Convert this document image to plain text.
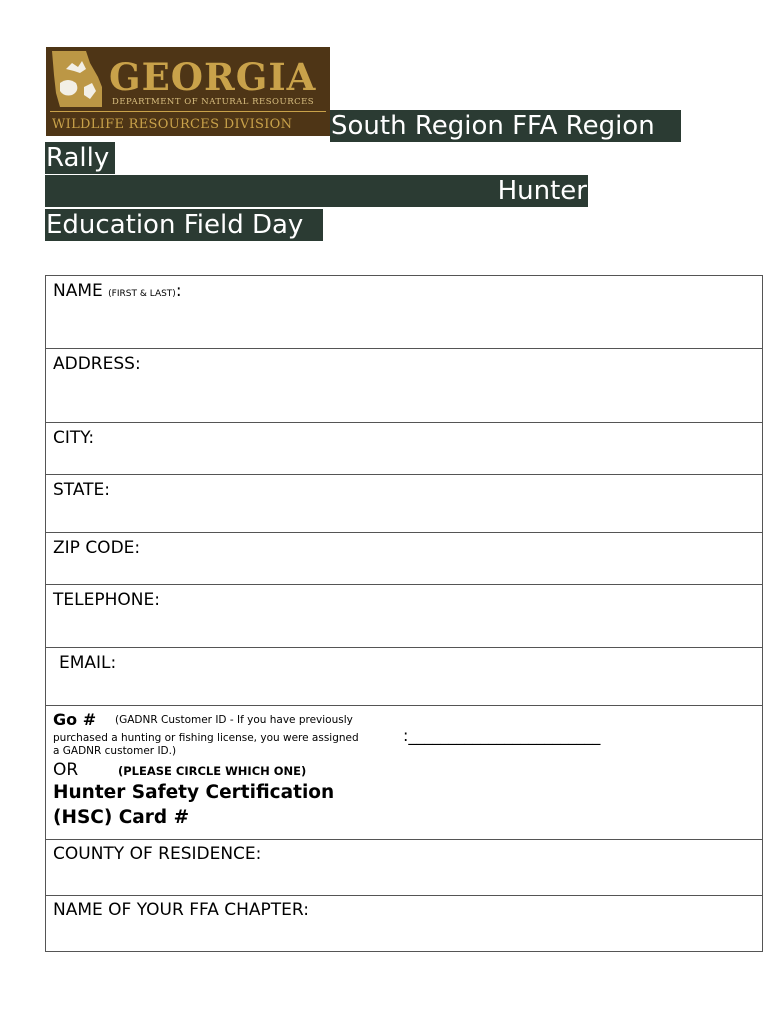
GEORGIA
DEPARTMENT OF NATURAL RESOURCES
WILDLIFE RESOURCES DIVISION South Region FFA Region
Rally
Hunter
Education Field Day
NAME (FIRST & LAST):
ADDRESS:
CITY:
STATE:
ZIP CODE:
TELEPHONE:
EMAIL:
Go # (GADNR Customer ID - If you have previously
purchased a hunting or fishing license, you were assigned a GADNR customer ID.)
OR	(PLEASE CIRCLE WHICH ONE)
Hunter Safety Certification
(HSC) Card #
:________________________
COUNTY OF RESIDENCE:
NAME OF YOUR FFA CHAPTER:
